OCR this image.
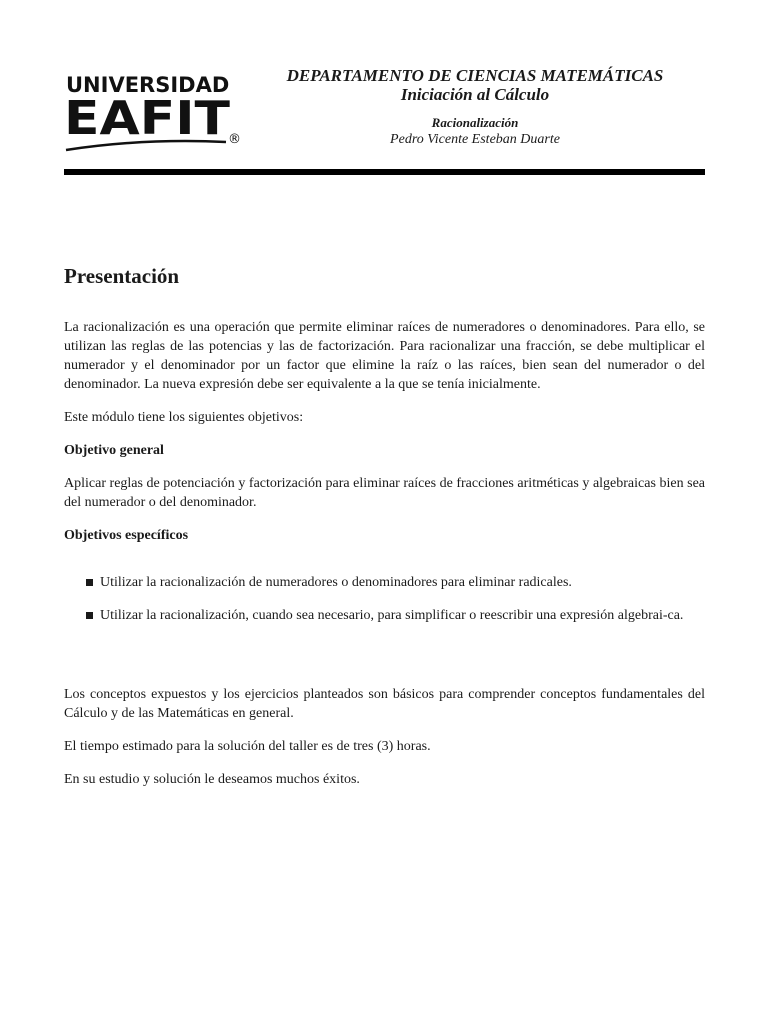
UNIVERSIDAD
EAFIT
®
DEPARTAMENTO DE CIENCIAS MATEMÁTICAS
Iniciación al Cálculo
Racionalización
Pedro Vicente Esteban Duarte
Presentación

La racionalización es una operación que permite eliminar raíces de numeradores o denominadores. Para ello, se utilizan las reglas de las potencias y las de factorización. Para racionalizar una fracción, se debe multiplicar el numerador y el denominador por un factor que elimine la raíz o las raíces, bien sean del numerador o del denominador. La nueva expresión debe ser equivalente a la que se tenía inicialmente.

Este módulo tiene los siguientes objetivos:

Objetivo general

Aplicar reglas de potenciación y factorización para eliminar raíces de fracciones aritméticas y algebraicas bien sea del numerador o del denominador.

Objetivos específicos
Utilizar la racionalización de numeradores o denominadores para eliminar radicales.
Utilizar la racionalización, cuando sea necesario, para simplificar o reescribir una expresión algebrai-ca.

Los conceptos expuestos y los ejercicios planteados son básicos para comprender conceptos fundamentales del Cálculo y de las Matemáticas en general.

El tiempo estimado para la solución del taller es de tres (3) horas.

En su estudio y solución le deseamos muchos éxitos.
